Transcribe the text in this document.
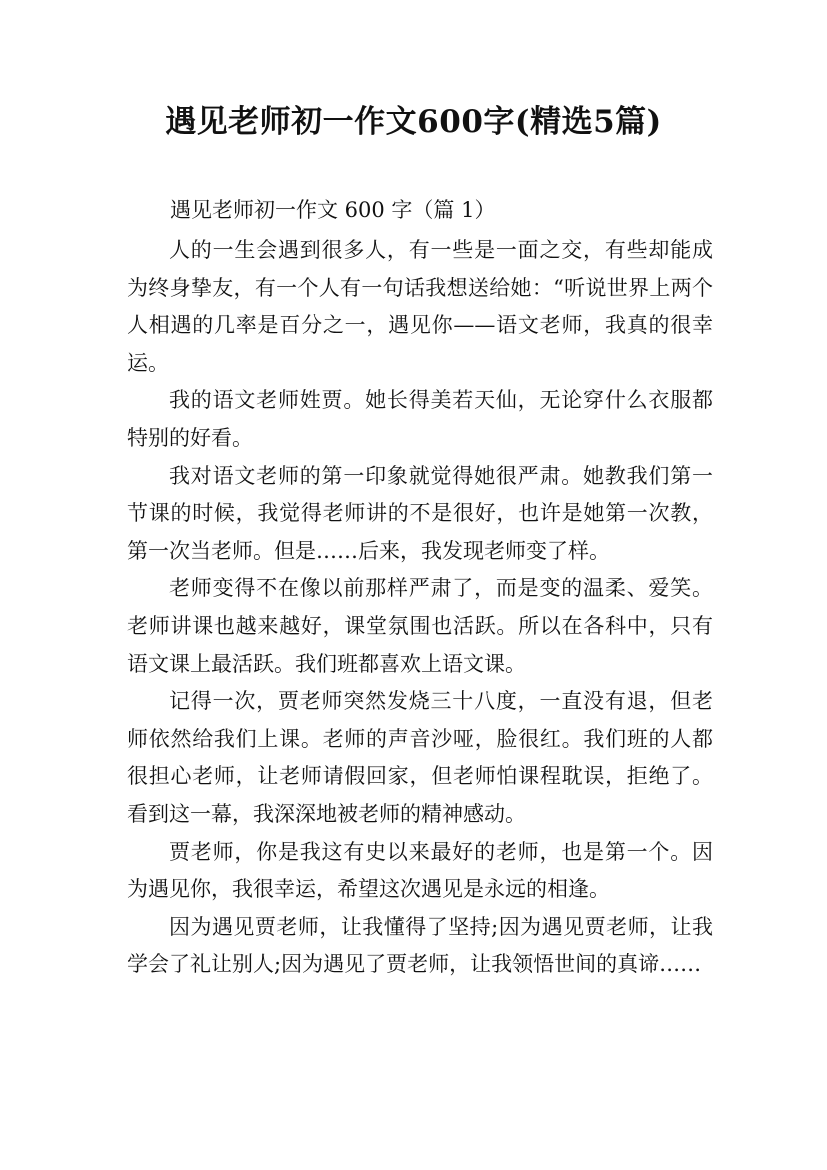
遇见老师初一作文600字(精选5篇)
遇见老师初一作文 600 字（篇 1）

人的一生会遇到很多人，有一些是一面之交，有些却能成为终身挚友，有一个人有一句话我想送给她：“听说世界上两个人相遇的几率是百分之一，遇见你——语文老师，我真的很幸运。

我的语文老师姓贾。她长得美若天仙，无论穿什么衣服都特别的好看。

我对语文老师的第一印象就觉得她很严肃。她教我们第一节课的时候，我觉得老师讲的不是很好，也许是她第一次教，第一次当老师。但是……后来，我发现老师变了样。

老师变得不在像以前那样严肃了，而是变的温柔、爱笑。老师讲课也越来越好，课堂氛围也活跃。所以在各科中，只有语文课上最活跃。我们班都喜欢上语文课。

记得一次，贾老师突然发烧三十八度，一直没有退，但老师依然给我们上课。老师的声音沙哑，脸很红。我们班的人都很担心老师，让老师请假回家，但老师怕课程耽误，拒绝了。看到这一幕，我深深地被老师的精神感动。

贾老师，你是我这有史以来最好的老师，也是第一个。因为遇见你，我很幸运，希望这次遇见是永远的相逢。

因为遇见贾老师，让我懂得了坚持;因为遇见贾老师，让我学会了礼让别人;因为遇见了贾老师，让我领悟世间的真谛……
